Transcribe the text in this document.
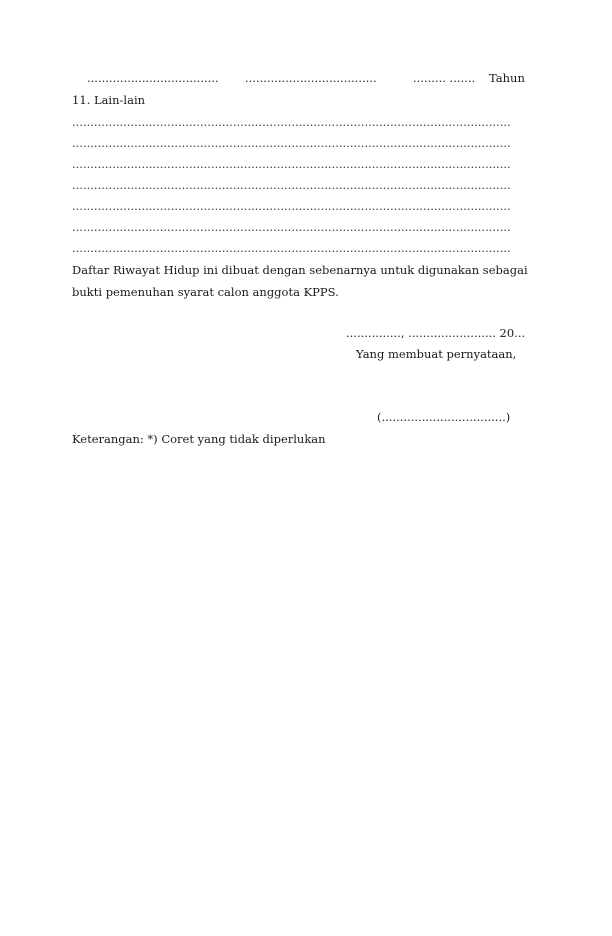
.................................... ....................................	......... ....... Tahun

11. Lain-lain

........................................................................................................................
........................................................................................................................
........................................................................................................................
........................................................................................................................
........................................................................................................................
........................................................................................................................
........................................................................................................................

Daftar Riwayat Hidup ini dibuat dengan sebenarnya untuk digunakan sebagai

bukti pemenuhan syarat calon anggota KPPS.

..............., ........................ 20...

Yang membuat pernyataan,

(..................................)

Keterangan: *) Coret yang tidak diperlukan
